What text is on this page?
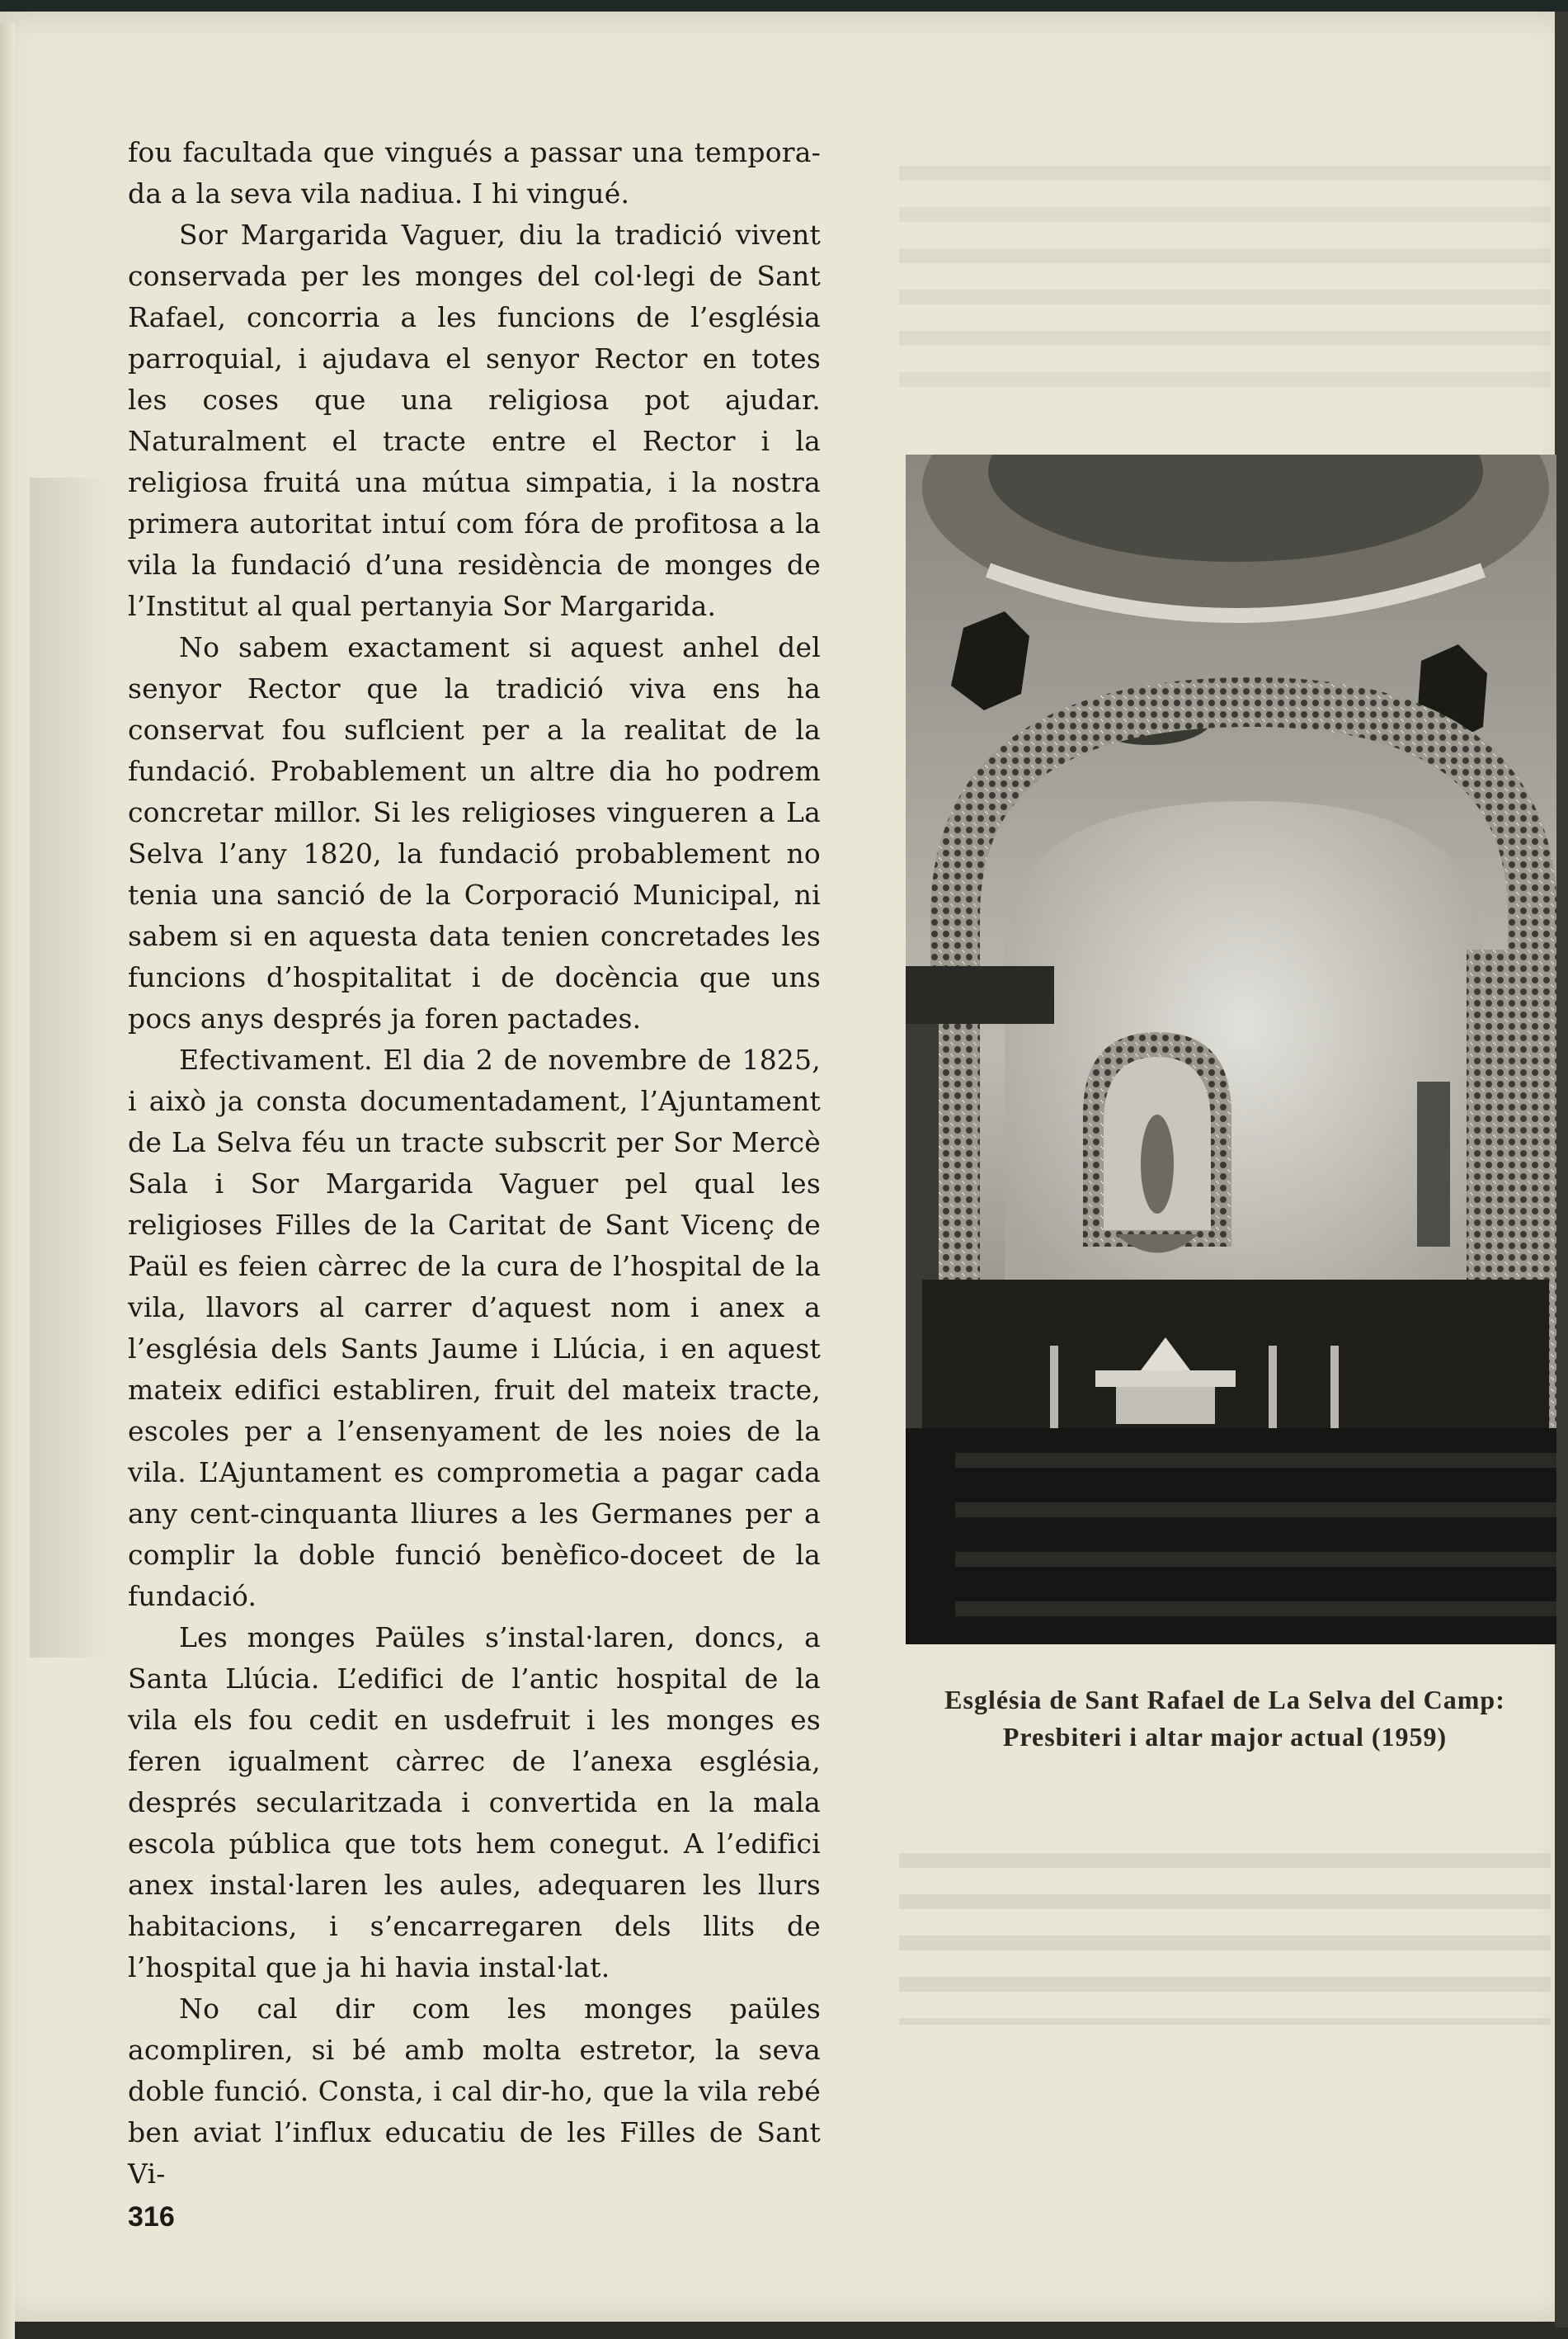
fou facultada que vingués a passar una tempora-da a la seva vila nadiua. I hi vingué.

Sor Margarida Vaguer, diu la tradició vivent conservada per les monges del col·legi de Sant Rafael, concorria a les funcions de l’església parroquial, i ajudava el senyor Rector en totes les coses que una religiosa pot ajudar. Naturalment el tracte entre el Rector i la religiosa fruitá una mútua simpatia, i la nostra primera autoritat intuí com fóra de profitosa a la vila la fundació d’una residència de monges de l’Institut al qual pertanyia Sor Margarida.

No sabem exactament si aquest anhel del senyor Rector que la tradició viva ens ha conservat fou suflcient per a la realitat de la fundació. Probablement un altre dia ho podrem concretar millor. Si les religioses vingueren a La Selva l’any 1820, la fundació probablement no tenia una sanció de la Corporació Municipal, ni sabem si en aquesta data tenien concretades les funcions d’hospitalitat i de docència que uns pocs anys després ja foren pactades.

Efectivament. El dia 2 de novembre de 1825, i això ja consta documentadament, l’Ajuntament de La Selva féu un tracte subscrit per Sor Mercè Sala i Sor Margarida Vaguer pel qual les religioses Filles de la Caritat de Sant Vicenç de Paül es feien càrrec de la cura de l’hospital de la vila, llavors al carrer d’aquest nom i anex a l’església dels Sants Jaume i Llúcia, i en aquest mateix edifici establiren, fruit del mateix tracte, escoles per a l’ensenyament de les noies de la vila. L’Ajuntament es comprometia a pagar cada any cent-cinquanta lliures a les Germanes per a complir la doble funció benèfico-doceet de la fundació.

Les monges Paüles s’instal·laren, doncs, a Santa Llúcia. L’edifici de l’antic hospital de la vila els fou cedit en usdefruit i les monges es feren igualment càrrec de l’anexa església, després secularitzada i convertida en la mala escola pública que tots hem conegut. A l’edifici anex instal·laren les aules, adequaren les llurs habitacions, i s’encarregaren dels llits de l’hospital que ja hi havia instal·lat.

No cal dir com les monges paüles acompliren, si bé amb molta estretor, la seva doble funció. Consta, i cal dir-ho, que la vila rebé ben aviat l’influx educatiu de les Filles de Sant Vi-

Església de Sant Rafael de La Selva del Camp:
Presbiteri i altar major actual (1959)
316
